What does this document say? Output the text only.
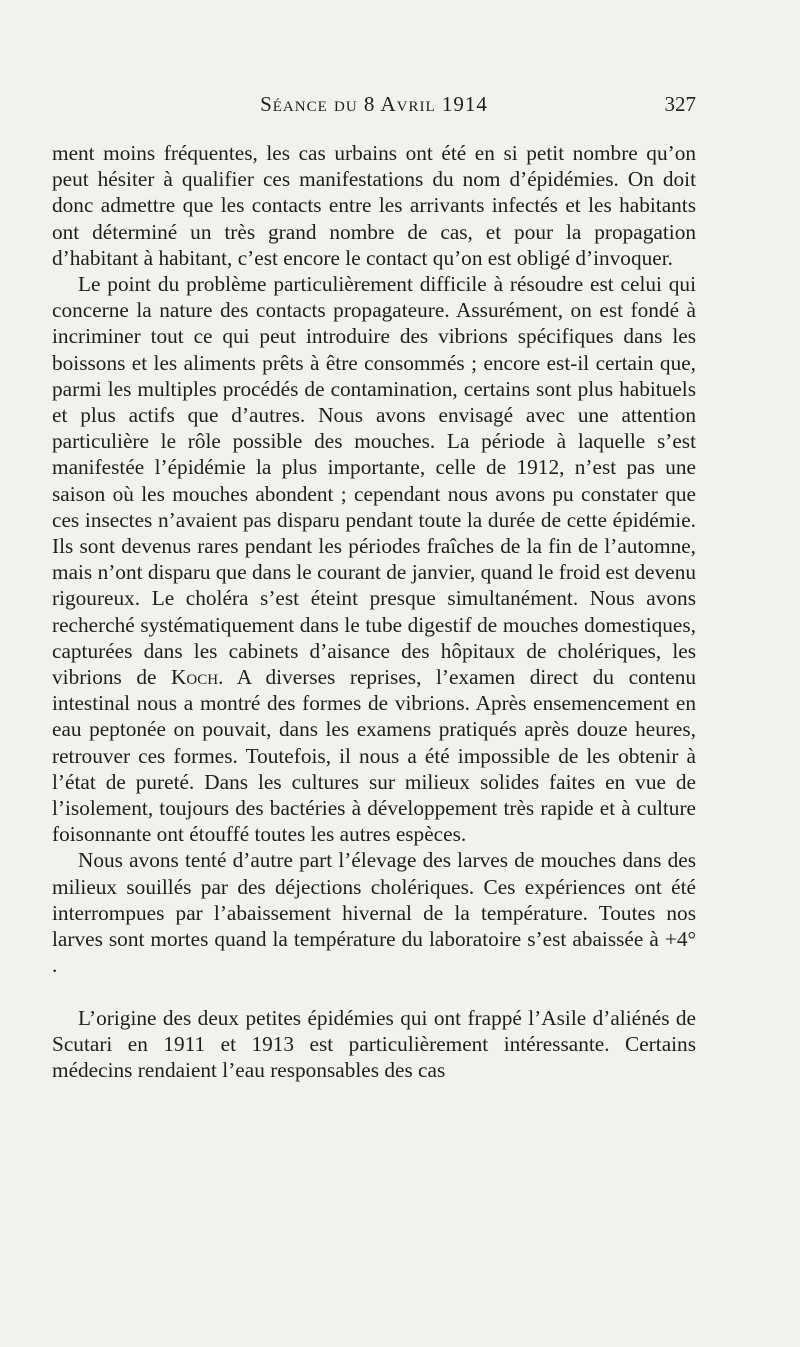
Séance du 8 Avril 1914	327

ment moins fréquentes, les cas urbains ont été en si petit nombre qu’on peut hésiter à qualifier ces manifestations du nom d’épidémies. On doit donc admettre que les contacts entre les arrivants infectés et les habitants ont déterminé un très grand nombre de cas, et pour la propagation d’habitant à habitant, c’est encore le contact qu’on est obligé d’invoquer.

Le point du problème particulièrement difficile à résoudre est celui qui concerne la nature des contacts propagateure. Assurément, on est fondé à incriminer tout ce qui peut introduire des vibrions spécifiques dans les boissons et les aliments prêts à être consommés ; encore est-il certain que, parmi les multiples procédés de contamination, certains sont plus habituels et plus actifs que d’autres. Nous avons envisagé avec une attention particulière le rôle possible des mouches. La période à laquelle s’est manifestée l’épidémie la plus importante, celle de 1912, n’est pas une saison où les mouches abondent ; cependant nous avons pu constater que ces insectes n’avaient pas disparu pendant toute la durée de cette épidémie. Ils sont devenus rares pendant les périodes fraîches de la fin de l’automne, mais n’ont disparu que dans le courant de janvier, quand le froid est devenu rigoureux. Le choléra s’est éteint presque simultanément. Nous avons recherché systématiquement dans le tube digestif de mouches domestiques, capturées dans les cabinets d’aisance des hôpitaux de cholériques, les vibrions de Koch. A diverses reprises, l’examen direct du contenu intestinal nous a montré des formes de vibrions. Après ensemencement en eau peptonée on pouvait, dans les examens pratiqués après douze heures, retrouver ces formes. Toutefois, il nous a été impossible de les obtenir à l’état de pureté. Dans les cultures sur milieux solides faites en vue de l’isolement, toujours des bactéries à développement très rapide et à culture foisonnante ont étouffé toutes les autres espèces.

Nous avons tenté d’autre part l’élevage des larves de mouches dans des milieux souillés par des déjections cholériques. Ces expériences ont été interrompues par l’abaissement hivernal de la température. Toutes nos larves sont mortes quand la température du laboratoire s’est abaissée à +4° .

L’origine des deux petites épidémies qui ont frappé l’Asile d’aliénés de Scutari en 1911 et 1913 est particulièrement intéressante. Certains médecins rendaient l’eau responsables des cas
